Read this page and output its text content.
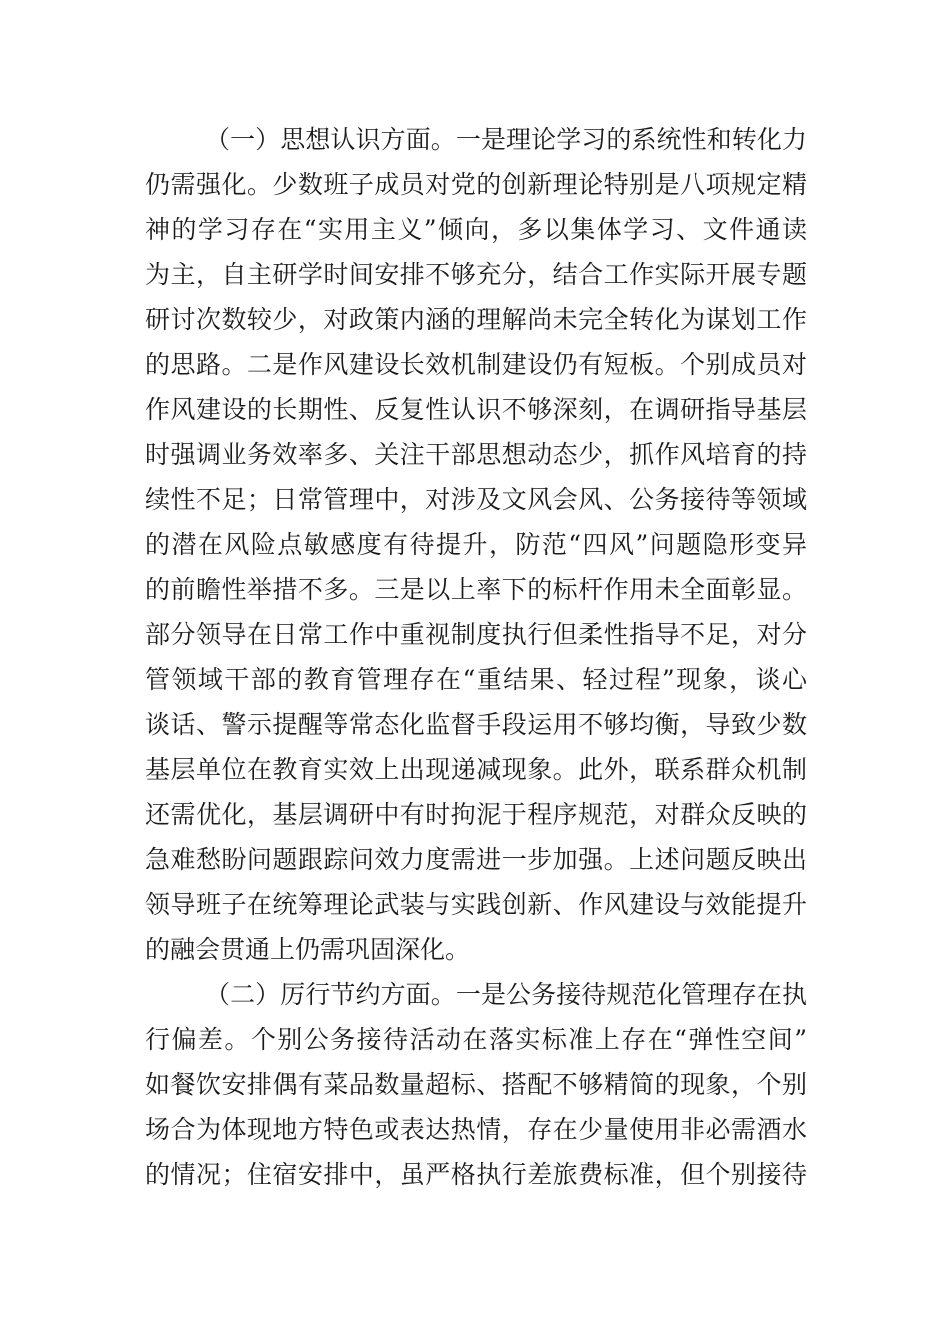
（一）思想认识方面。一是理论学习的系统性和转化力
仍需强化。少数班子成员对党的创新理论特别是八项规定精
神的学习存在“实用主义”倾向，多以集体学习、文件通读
为主，自主研学时间安排不够充分，结合工作实际开展专题
研讨次数较少，对政策内涵的理解尚未完全转化为谋划工作
的思路。二是作风建设长效机制建设仍有短板。个别成员对
作风建设的长期性、反复性认识不够深刻，在调研指导基层
时强调业务效率多、关注干部思想动态少，抓作风培育的持
续性不足；日常管理中，对涉及文风会风、公务接待等领域
的潜在风险点敏感度有待提升，防范“四风”问题隐形变异
的前瞻性举措不多。三是以上率下的标杆作用未全面彰显。
部分领导在日常工作中重视制度执行但柔性指导不足，对分
管领域干部的教育管理存在“重结果、轻过程”现象，谈心
谈话、警示提醒等常态化监督手段运用不够均衡，导致少数
基层单位在教育实效上出现递减现象。此外，联系群众机制
还需优化，基层调研中有时拘泥于程序规范，对群众反映的
急难愁盼问题跟踪问效力度需进一步加强。上述问题反映出
领导班子在统筹理论武装与实践创新、作风建设与效能提升
的融会贯通上仍需巩固深化。
（二）厉行节约方面。一是公务接待规范化管理存在执
行偏差。个别公务接待活动在落实标准上存在“弹性空间”
如餐饮安排偶有菜品数量超标、搭配不够精简的现象，个别
场合为体现地方特色或表达热情，存在少量使用非必需酒水
的情况；住宿安排中，虽严格执行差旅费标准，但个别接待
